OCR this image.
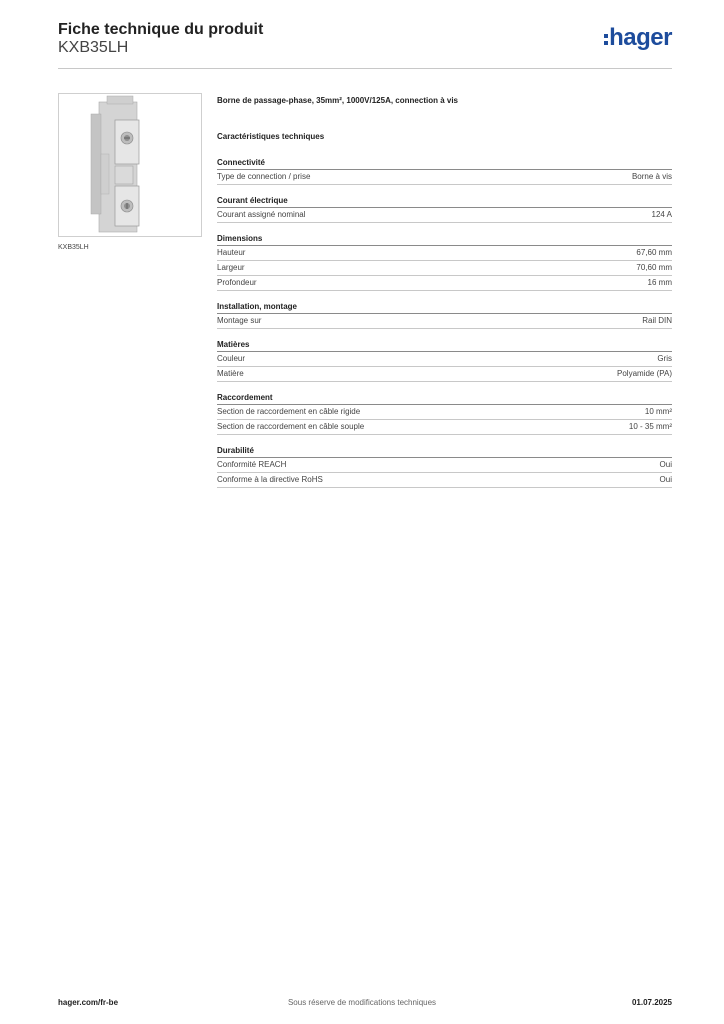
Fiche technique du produit
KXB35LH	hager
KXB35LH
Borne de passage-phase, 35mm², 1000V/125A, connection à vis
Caractéristiques techniques
Connectivité
Type de connection / prise	Borne à vis
Courant électrique
Courant assigné nominal	124 A
Dimensions
Hauteur	67,60 mm
Largeur	70,60 mm
Profondeur	16 mm
Installation, montage
Montage sur	Rail DIN
Matières
Couleur	Gris
Matière	Polyamide (PA)
Raccordement
Section de raccordement en câble rigide	10 mm²
Section de raccordement en câble souple	10 - 35 mm²
Durabilité
Conformité REACH	Oui
Conforme à la directive RoHS	Oui
hager.com/fr-be	Sous réserve de modifications techniques	01.07.2025
